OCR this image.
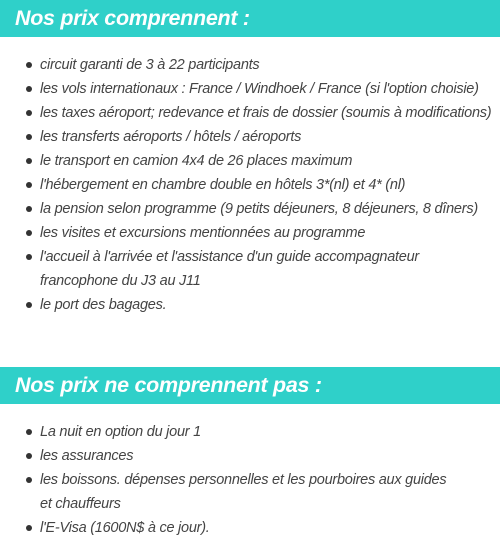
Nos prix comprennent :
circuit garanti de 3 à 22 participants
les vols internationaux : France / Windhoek / France (si l'option choisie)
les taxes aéroport; redevance et frais de dossier (soumis à modifications)
les transferts aéroports / hôtels / aéroports
le transport en camion 4x4 de 26 places maximum
l'hébergement en chambre double en hôtels 3*(nl) et 4* (nl)
la pension selon programme (9 petits déjeuners, 8 déjeuners, 8 dîners)
les visites et excursions mentionnées au programme
l'accueil à l'arrivée et l'assistance d'un guide accompagnateur francophone du J3 au J11
le port des bagages.
Nos prix ne comprennent pas :
La nuit en option du jour 1
les assurances
les boissons. dépenses personnelles et les pourboires aux guides et chauffeurs
l'E-Visa (1600N$ à ce jour).
